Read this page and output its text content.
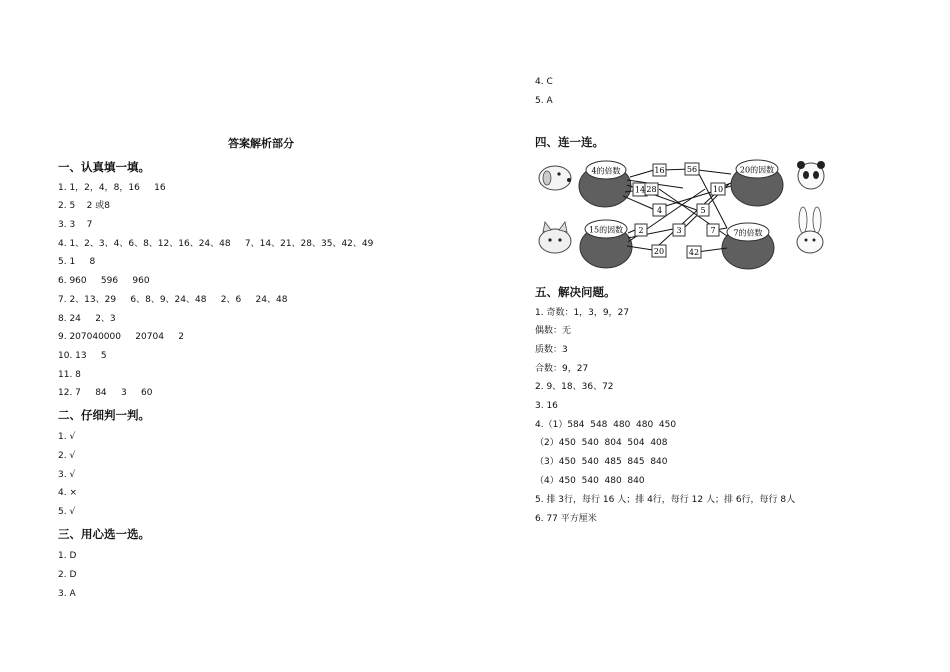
答案解析部分
一、认真填一填。
1. 1，2，4，8，16     16
2. 5    2 或8
3. 3    7
4. 1、2、3、4、6、8、12、16、24、48     7、14、21、28、35、42、49
5. 1     8
6. 960     596     960
7. 2、13、29     6、8、9、24、48     2、6     24、48
8. 24     2、3
9. 207040000     20704     2
10. 13     5
11. 8
12. 7     84     3     60
二、仔细判一判。
1. √
2. √
3. √
4. ×
5. √
三、用心选一选。
1. D
2. D
3. A
4. C
5. A
四、连一连。
五、解决问题。
1. 奇数：1，3，9，27
偶数：无
质数：3
合数：9，27
2. 9、18、36、72
3. 16
4.（1）584  548  480  480  450
（2）450  540  804  504  408
（3）450  540  485  845  840
（4）450  540  480  840
5. 排 3行，每行 16 人；排 4行，每行 12 人；排 6行，每行 8人
6. 77 平方厘米
4的倍数	20的因数
15的因数	7的倍数
16	56
14 28	10
4
2	3
5
7
20	42
